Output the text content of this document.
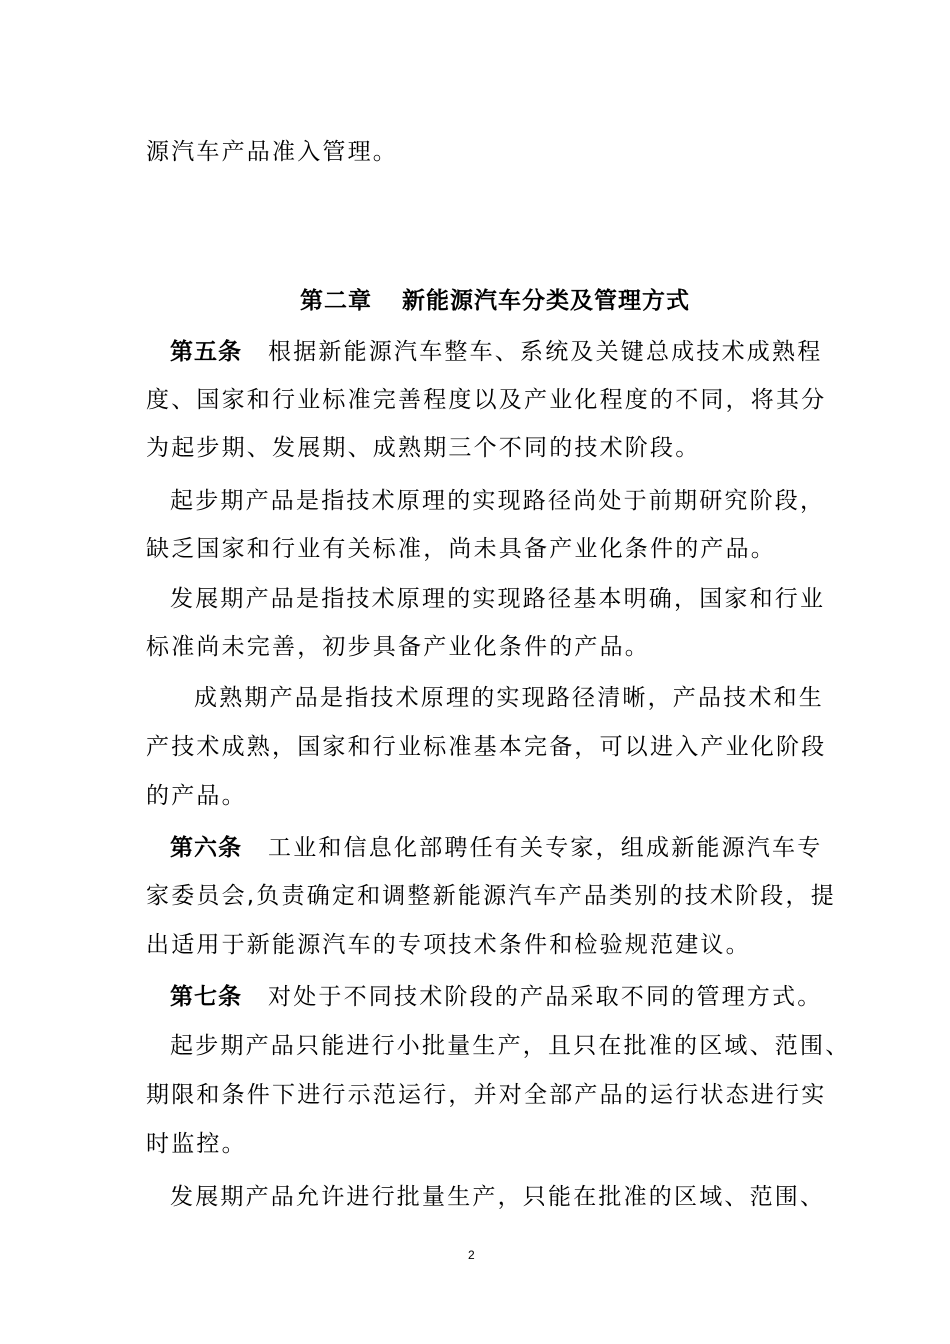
源汽车产品准入管理。
第二章 新能源汽车分类及管理方式
第五条 根据新能源汽车整车、系统及关键总成技术成熟程
度、国家和行业标准完善程度以及产业化程度的不同，将其分
为起步期、发展期、成熟期三个不同的技术阶段。
起步期产品是指技术原理的实现路径尚处于前期研究阶段，
缺乏国家和行业有关标准，尚未具备产业化条件的产品。
发展期产品是指技术原理的实现路径基本明确，国家和行业
标准尚未完善，初步具备产业化条件的产品。
成熟期产品是指技术原理的实现路径清晰，产品技术和生
产技术成熟，国家和行业标准基本完备，可以进入产业化阶段
的产品。
第六条 工业和信息化部聘任有关专家，组成新能源汽车专
家委员会,负责确定和调整新能源汽车产品类别的技术阶段，提
出适用于新能源汽车的专项技术条件和检验规范建议。
第七条 对处于不同技术阶段的产品采取不同的管理方式。
起步期产品只能进行小批量生产，且只在批准的区域、范围、
期限和条件下进行示范运行，并对全部产品的运行状态进行实
时监控。
发展期产品允许进行批量生产，只能在批准的区域、范围、
2
